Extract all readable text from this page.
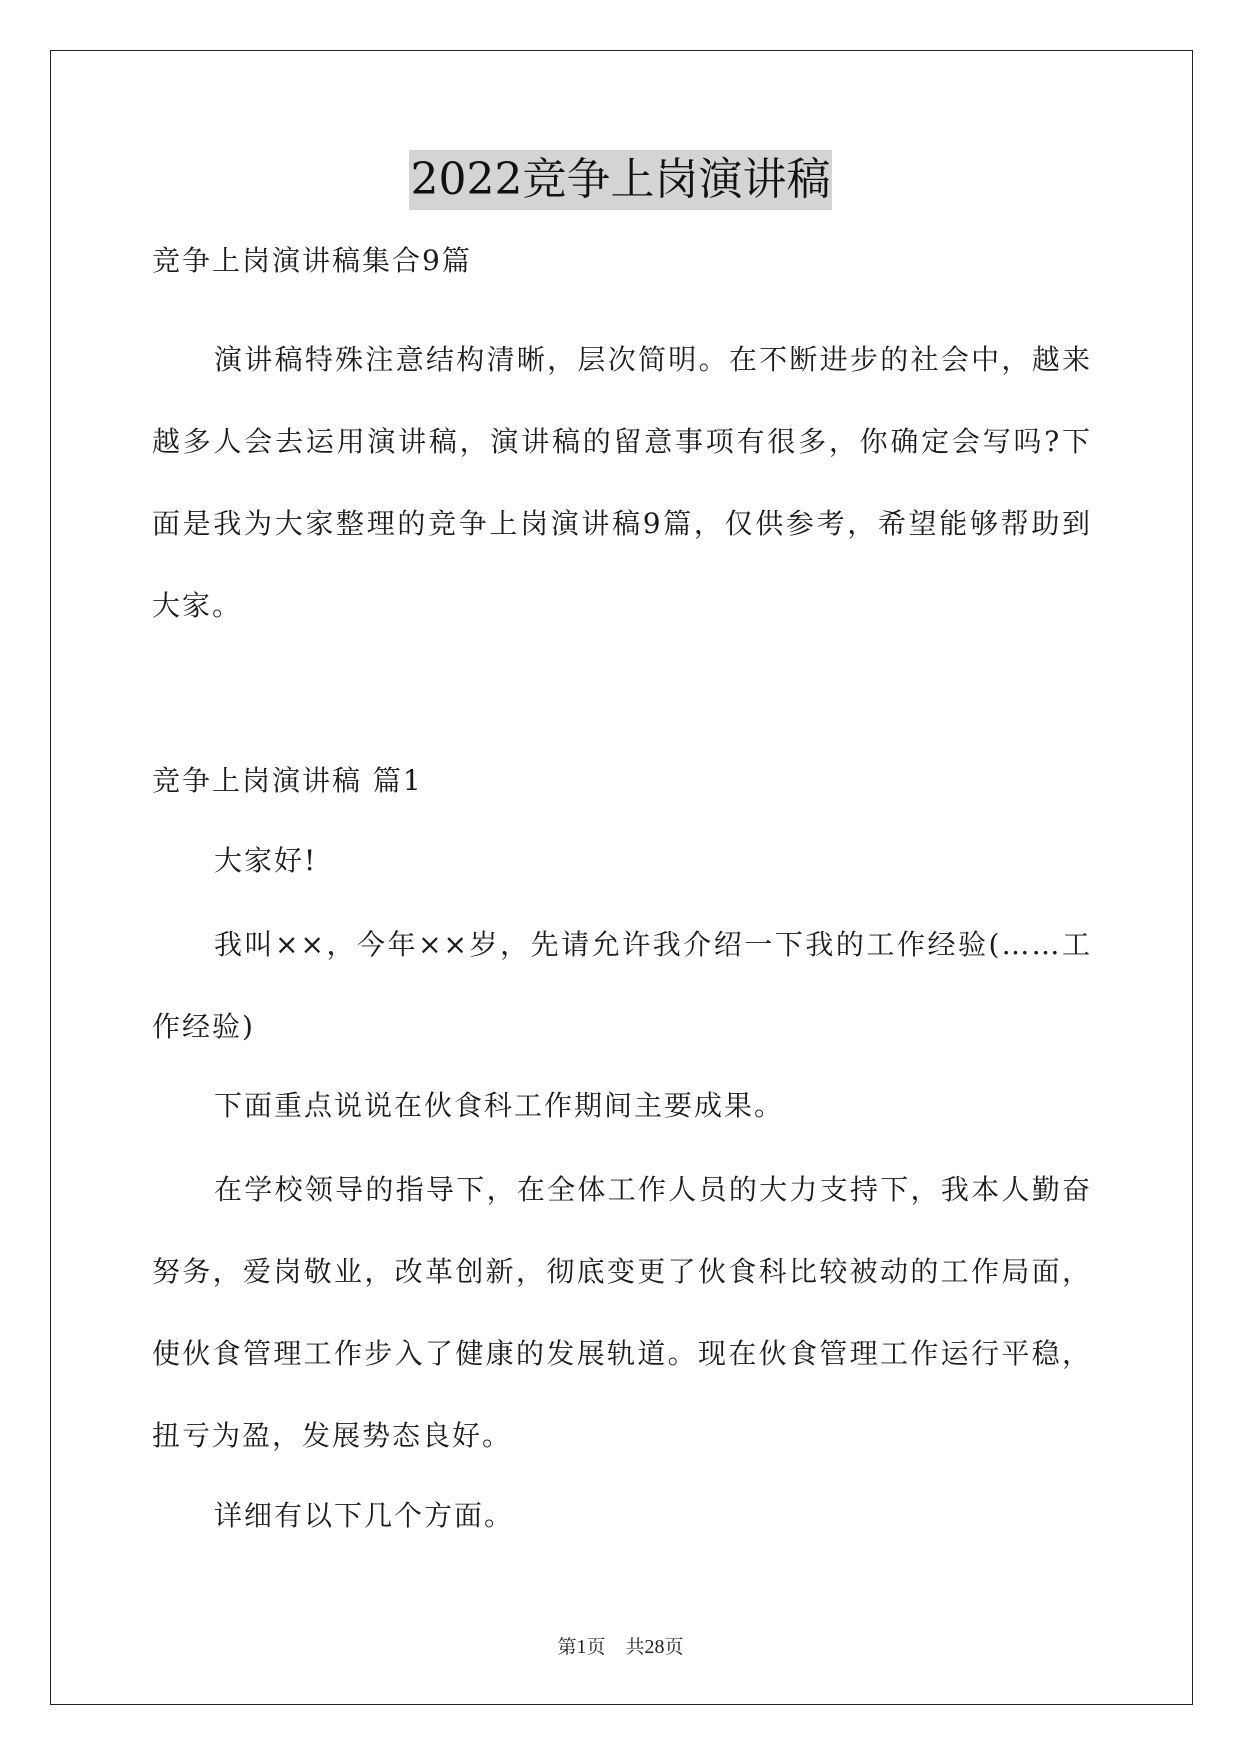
2022竞争上岗演讲稿

竞争上岗演讲稿集合9篇

演讲稿特殊注意结构清晰，层次简明。在不断进步的社会中，越来越多人会去运用演讲稿，演讲稿的留意事项有很多，你确定会写吗?下面是我为大家整理的竞争上岗演讲稿9篇，仅供参考，希望能够帮助到大家。

竞争上岗演讲稿 篇1

大家好!

我叫××，今年××岁，先请允许我介绍一下我的工作经验(……工作经验)

下面重点说说在伙食科工作期间主要成果。

在学校领导的指导下，在全体工作人员的大力支持下，我本人勤奋努务，爱岗敬业，改革创新，彻底变更了伙食科比较被动的工作局面，使伙食管理工作步入了健康的发展轨道。现在伙食管理工作运行平稳，扭亏为盈，发展势态良好。

详细有以下几个方面。

第1页 共28页
